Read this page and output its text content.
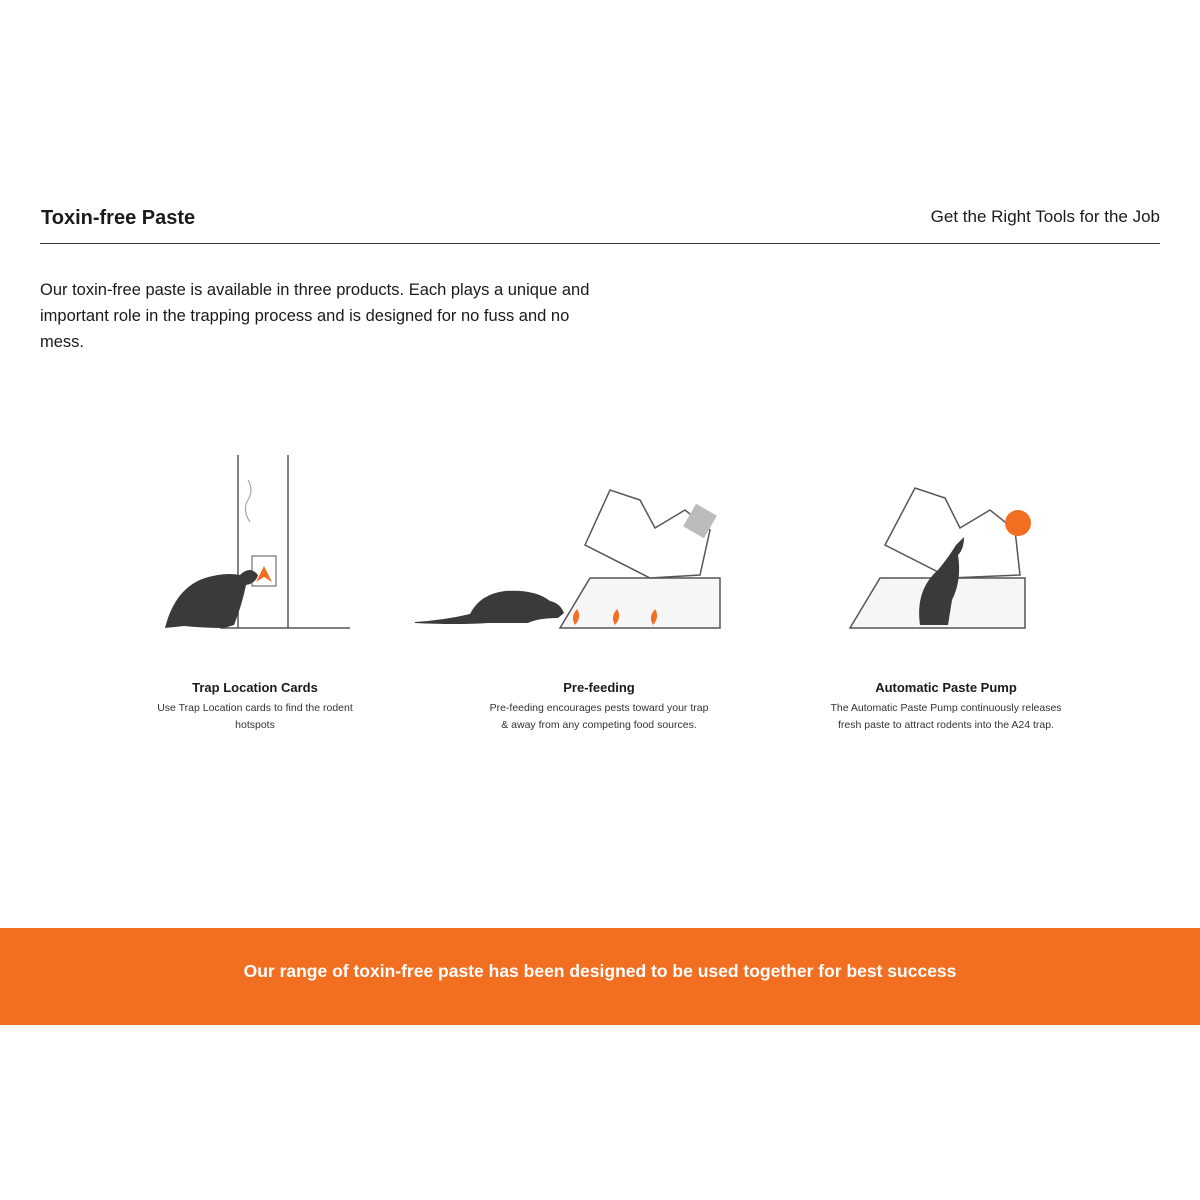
Toxin-free Paste	Get the Right Tools for the Job
Our toxin-free paste is available in three products. Each plays a unique and important role in the trapping process and is designed for no fuss and no mess.
Trap Location Cards

Use Trap Location cards to find the rodent hotspots

Pre-feeding

Pre-feeding encourages pests toward your trap & away from any competing food sources.

Automatic Paste Pump

The Automatic Paste Pump continuously releases fresh paste to attract rodents into the A24 trap.

Our range of toxin-free paste has been designed to be used together for best success
